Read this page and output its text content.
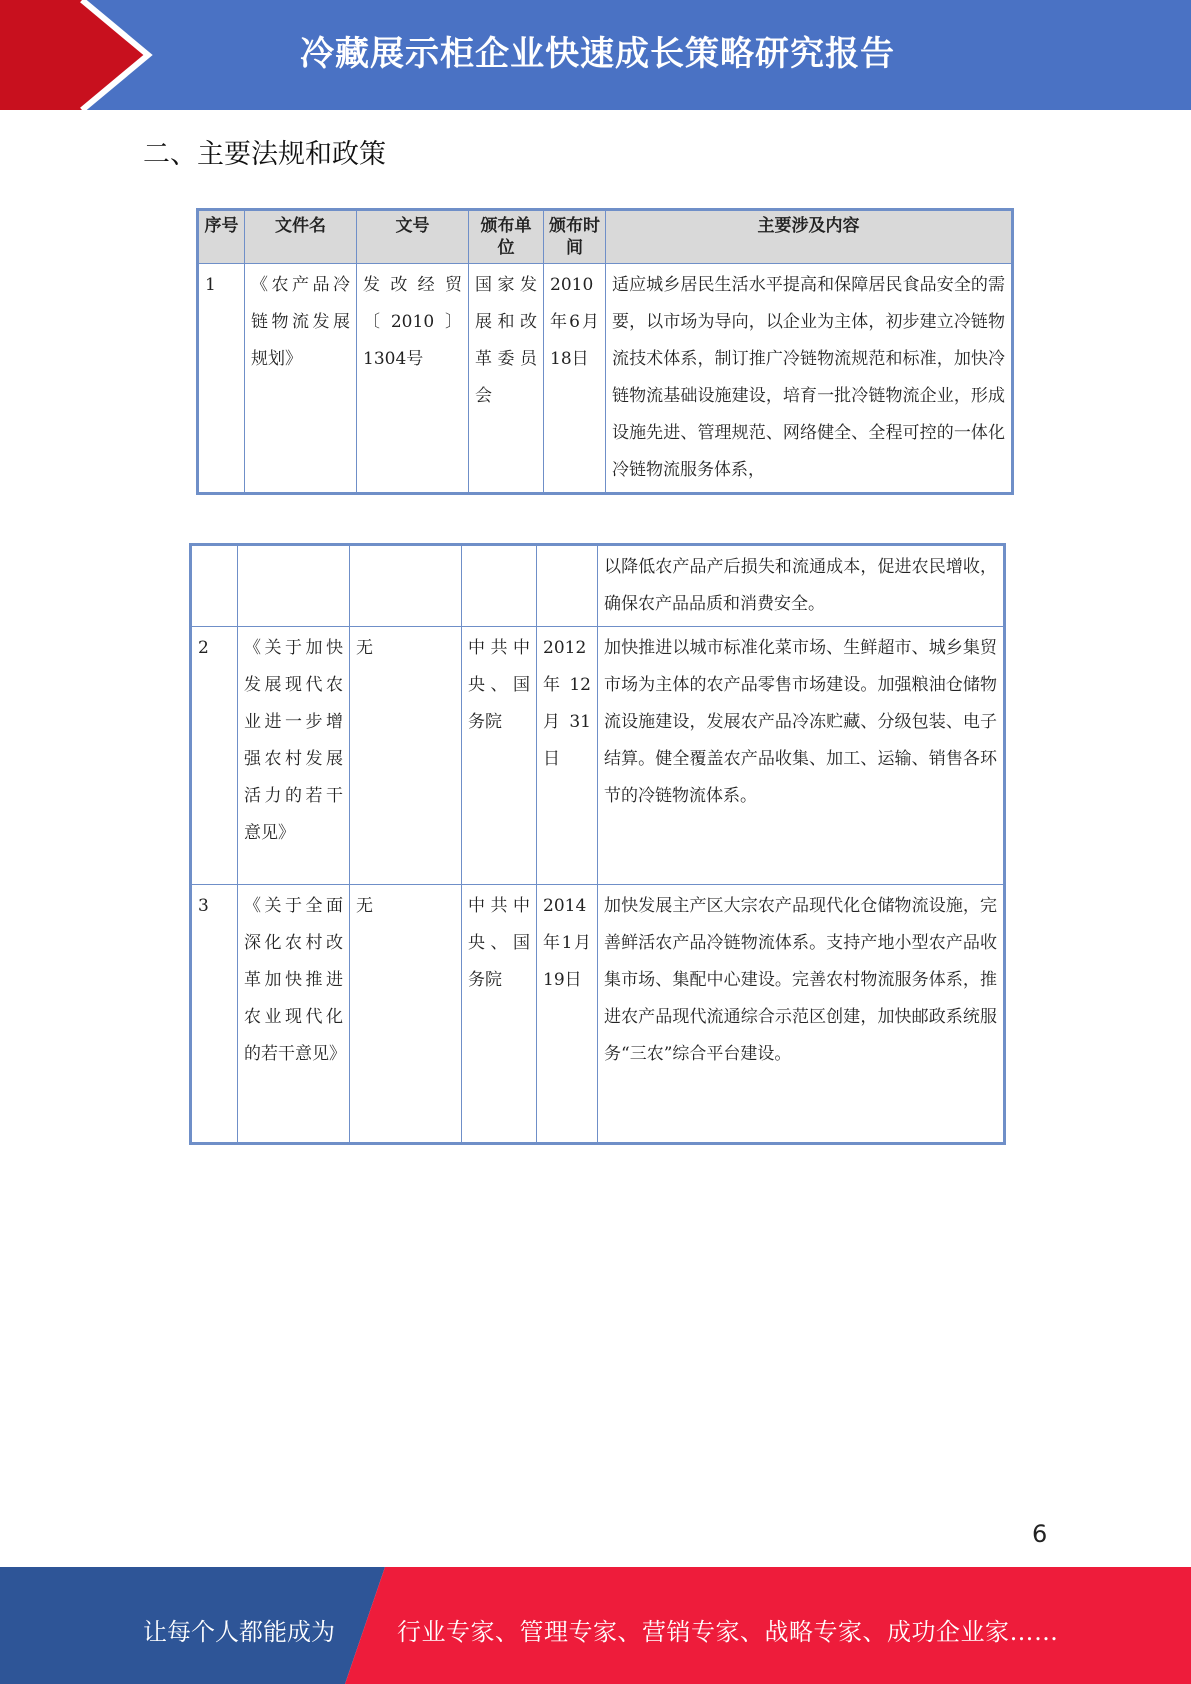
冷藏展示柜企业快速成长策略研究报告
二、主要法规和政策
序号	文件名	文号	颁布单位	颁布时间	主要涉及内容
1	《农产品冷链物流发展规划》	发改经贸〔2010〕1304号	国家发展和改革委员会	2010年6月18日	适应城乡居民生活水平提高和保障居民食品安全的需要，以市场为导向，以企业为主体，初步建立冷链物流技术体系，制订推广冷链物流规范和标准，加快冷链物流基础设施建设，培育一批冷链物流企业，形成设施先进、管理规范、网络健全、全程可控的一体化冷链物流服务体系，
					以降低农产品产后损失和流通成本，促进农民增收，确保农产品品质和消费安全。
2	《关于加快发展现代农业进一步增强农村发展活力的若干意见》	无	中共中央、国务院	2012年12月31日	加快推进以城市标准化菜市场、生鲜超市、城乡集贸市场为主体的农产品零售市场建设。加强粮油仓储物流设施建设，发展农产品冷冻贮藏、分级包装、电子结算。健全覆盖农产品收集、加工、运输、销售各环节的冷链物流体系。
3	《关于全面深化农村改革加快推进农业现代化的若干意见》	无	中共中央、国务院	2014年1月19日	加快发展主产区大宗农产品现代化仓储物流设施，完善鲜活农产品冷链物流体系。支持产地小型农产品收集市场、集配中心建设。完善农村物流服务体系，推进农产品现代流通综合示范区创建，加快邮政系统服务“三农”综合平台建设。
6
让每个人都能成为	行业专家、管理专家、营销专家、战略专家、成功企业家……
